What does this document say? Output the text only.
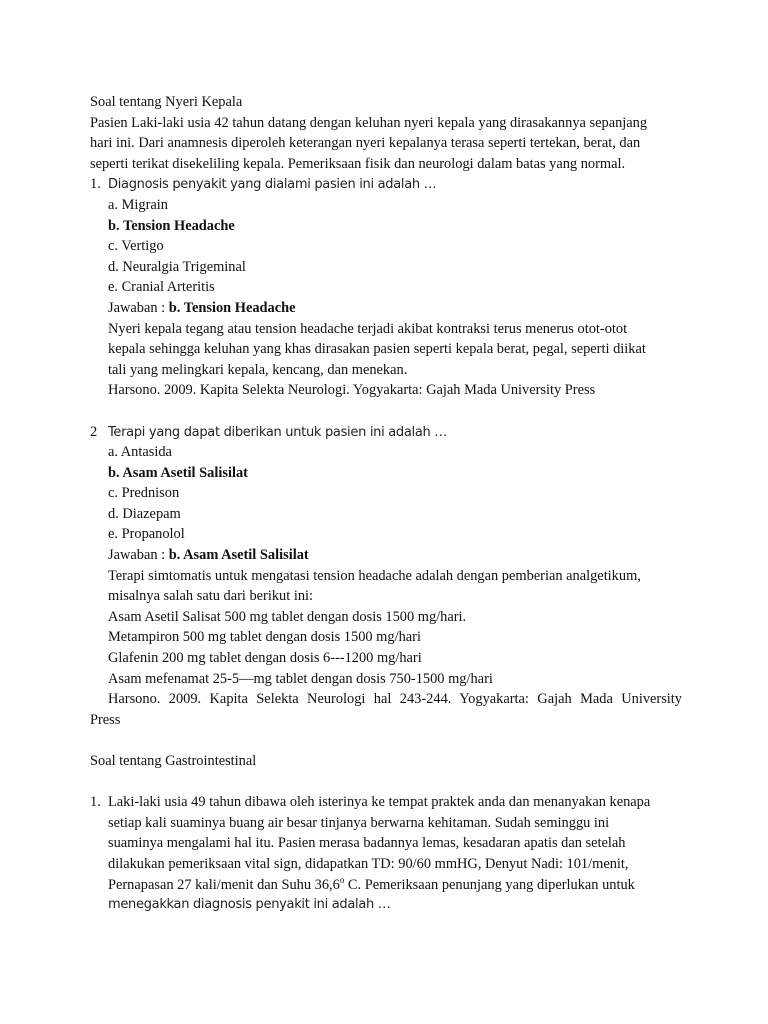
Soal tentang Nyeri Kepala
Pasien Laki-laki usia 42 tahun datang dengan keluhan nyeri kepala yang dirasakannya sepanjang
hari ini. Dari anamnesis diperoleh keterangan nyeri kepalanya terasa seperti tertekan, berat, dan
seperti terikat disekeliling kepala. Pemeriksaan fisik dan neurologi dalam batas yang normal.
1. Diagnosis penyakit yang dialami pasien ini adalah …
a. Migrain
b. Tension Headache
c. Vertigo
d. Neuralgia Trigeminal
e. Cranial Arteritis
Jawaban : b. Tension Headache
Nyeri kepala tegang atau tension headache terjadi akibat kontraksi terus menerus otot-otot
kepala sehingga keluhan yang khas dirasakan pasien seperti kepala berat, pegal, seperti diikat
tali yang melingkari kepala, kencang, dan menekan.
Harsono. 2009. Kapita Selekta Neurologi. Yogyakarta: Gajah Mada University Press
2 Terapi yang dapat diberikan untuk pasien ini adalah …
a. Antasida
b. Asam Asetil Salisilat
c. Prednison
d. Diazepam
e. Propanolol
Jawaban : b. Asam Asetil Salisilat
Terapi simtomatis untuk mengatasi tension headache adalah dengan pemberian analgetikum,
misalnya salah satu dari berikut ini:
Asam Asetil Salisat 500 mg tablet dengan dosis 1500 mg/hari.
Metampiron 500 mg tablet dengan dosis 1500 mg/hari
Glafenin 200 mg tablet dengan dosis 6---1200 mg/hari
Asam mefenamat 25-5—mg tablet dengan dosis 750-1500 mg/hari
Harsono. 2009. Kapita Selekta Neurologi hal 243-244. Yogyakarta: Gajah Mada University
Press
Soal tentang Gastrointestinal
1. Laki-laki usia 49 tahun dibawa oleh isterinya ke tempat praktek anda dan menanyakan kenapa
setiap kali suaminya buang air besar tinjanya berwarna kehitaman. Sudah seminggu ini
suaminya mengalami hal itu. Pasien merasa badannya lemas, kesadaran apatis dan setelah
dilakukan pemeriksaan vital sign, didapatkan TD: 90/60 mmHG, Denyut Nadi: 101/menit,
Pernapasan 27 kali/menit dan Suhu 36,6$^o$ C. Pemeriksaan penunjang yang diperlukan untuk
menegakkan diagnosis penyakit ini adalah …
